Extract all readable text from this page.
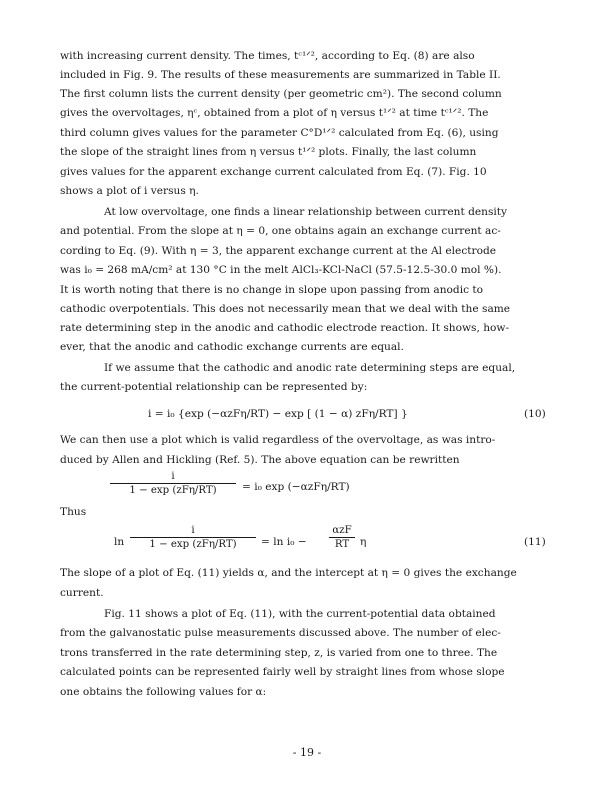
with increasing current density. The times, tᶜ¹ᐟ², according to Eq. (8) are also
included in Fig. 9. The results of these measurements are summarized in Table II.
The first column lists the current density (per geometric cm²). The second column
gives the overvoltages, ηᶜ, obtained from a plot of η versus t¹ᐟ² at time tᶜ¹ᐟ². The
third column gives values for the parameter C°D¹ᐟ² calculated from Eq. (6), using
the slope of the straight lines from η versus t¹ᐟ² plots. Finally, the last column
gives values for the apparent exchange current calculated from Eq. (7). Fig. 10
shows a plot of i versus η.
At low overvoltage, one finds a linear relationship between current density
and potential. From the slope at η = 0, one obtains again an exchange current ac-
cording to Eq. (9). With η = 3, the apparent exchange current at the Al electrode
was i₀ = 268 mA/cm² at 130 °C in the melt AlCl₃-KCl-NaCl (57.5-12.5-30.0 mol %).
It is worth noting that there is no change in slope upon passing from anodic to
cathodic overpotentials. This does not necessarily mean that we deal with the same
rate determining step in the anodic and cathodic electrode reaction. It shows, how-
ever, that the anodic and cathodic exchange currents are equal.
If we assume that the cathodic and anodic rate determining steps are equal,
the current-potential relationship can be represented by:
i = i₀ {exp (−αzFη/RT) − exp [ (1 − α) zFη/RT] }	(10)
We can then use a plot which is valid regardless of the overvoltage, as was intro-
duced by Allen and Hickling (Ref. 5). The above equation can be rewritten
i
1 − exp (zFη/RT)	= i₀ exp (−αzFη/RT)
Thus
ln
i
1 − exp (zFη/RT)	= ln i₀ −
αzF
RT	η	(11)
The slope of a plot of Eq. (11) yields α, and the intercept at η = 0 gives the exchange
current.
Fig. 11 shows a plot of Eq. (11), with the current-potential data obtained
from the galvanostatic pulse measurements discussed above. The number of elec-
trons transferred in the rate determining step, z, is varied from one to three. The
calculated points can be represented fairly well by straight lines from whose slope
one obtains the following values for α:
- 19 -
